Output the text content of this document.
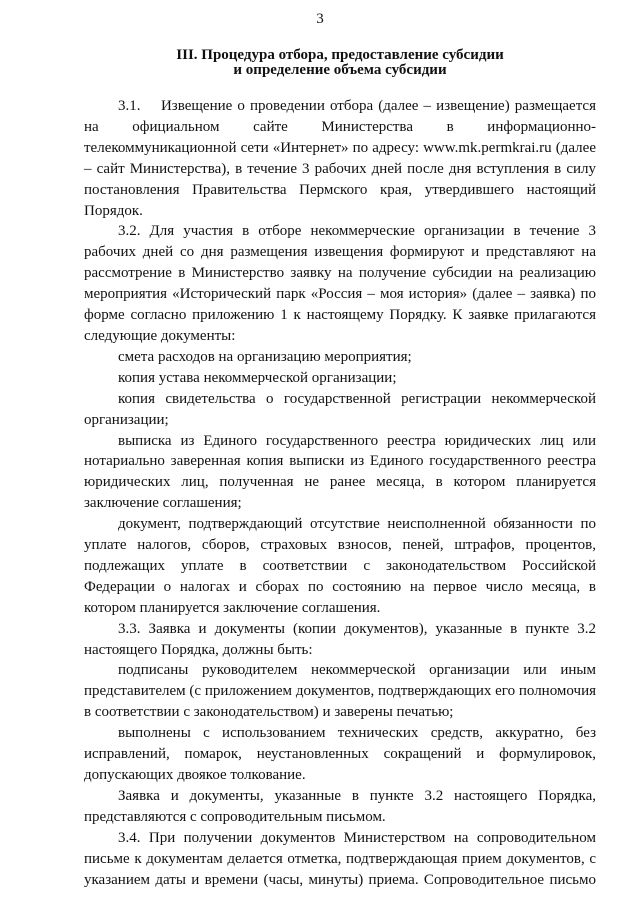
3
III. Процедура отбора, предоставление субсидии
и определение объема субсидии

3.1.    Извещение о проведении отбора (далее – извещение) размещается на официальном сайте Министерства в информационно-телекоммуникационной сети «Интернет» по адресу: www.mk.permkrai.ru (далее – сайт Министерства), в течение 3 рабочих дней после дня вступления в силу постановления Правительства Пермского края, утвердившего настоящий Порядок.

3.2. Для участия в отборе некоммерческие организации в течение 3 рабочих дней со дня размещения извещения формируют и представляют на рассмотрение в Министерство заявку на получение субсидии на реализацию мероприятия «Исторический парк «Россия – моя история» (далее – заявка) по форме согласно приложению 1 к настоящему Порядку. К заявке прилагаются следующие документы:

смета расходов на организацию мероприятия;

копия устава некоммерческой организации;

копия свидетельства о государственной регистрации некоммерческой организации;

выписка из Единого государственного реестра юридических лиц или нотариально заверенная копия выписки из Единого государственного реестра юридических лиц, полученная не ранее месяца, в котором планируется заключение соглашения;

документ, подтверждающий отсутствие неисполненной обязанности по уплате налогов, сборов, страховых взносов, пеней, штрафов, процентов, подлежащих уплате в соответствии с законодательством Российской Федерации о налогах и сборах по состоянию на первое число месяца, в котором планируется заключение соглашения.

3.3. Заявка и документы (копии документов), указанные в пункте 3.2 настоящего Порядка, должны быть:

подписаны руководителем некоммерческой организации или иным представителем (с приложением документов, подтверждающих его полномочия в соответствии с законодательством) и заверены печатью;

выполнены с использованием технических средств, аккуратно, без исправлений, помарок, неустановленных сокращений и формулировок, допускающих двоякое толкование.

Заявка и документы, указанные в пункте 3.2 настоящего Порядка, представляются с сопроводительным письмом.

3.4. При получении документов Министерством на сопроводительном письме к документам делается отметка, подтверждающая прием документов, с указанием даты и времени (часы, минуты) приема. Сопроводительное письмо
